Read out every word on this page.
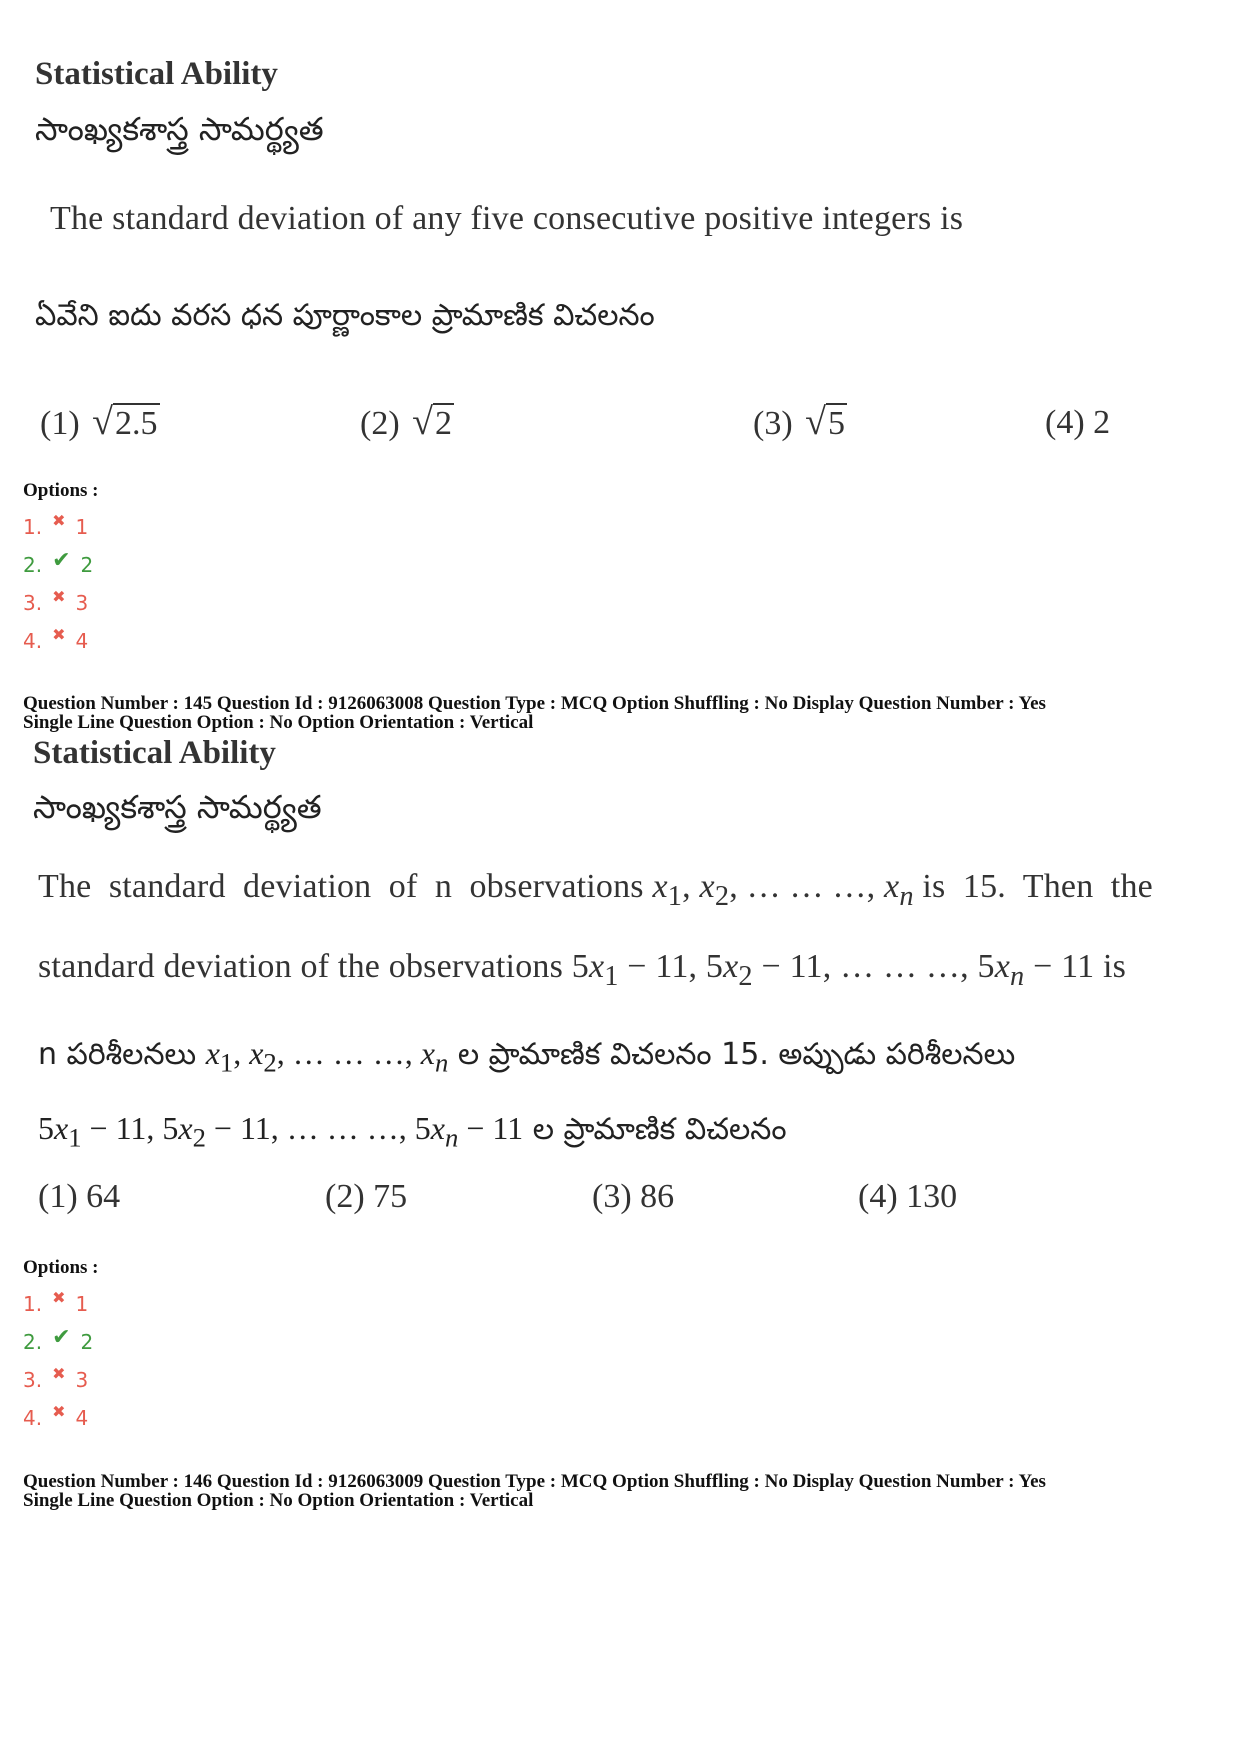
Statistical Ability
సాంఖ్యకశాస్త్ర సామర్థ్యత
The standard deviation of any five consecutive positive integers is
ఏవేని ఐదు వరస ధన పూర్ణాంకాల ప్రామాణిక విచలనం
(1) √2.5	(2) √2	(3) √5	(4) 2
Options :
1. ✖ 1
2. ✔ 2
3. ✖ 3
4. ✖ 4
Question Number : 145 Question Id : 9126063008 Question Type : MCQ Option Shuffling : No Display Question Number : Yes
Single Line Question Option : No Option Orientation : Vertical
Statistical Ability
సాంఖ్యకశాస్త్ర సామర్థ్యత
The  standard  deviation  of  n  observations $x_1$, $x_2$, … … …, $x_n$ is  15.  Then  the
standard deviation of the observations $5x_1 - 11$, $5x_2 - 11$, … … …, $5x_n - 11$ is
n పరిశీలనలు $x_1$, $x_2$, … … …, $x_n$ ల ప్రామాణిక విచలనం 15. అప్పుడు పరిశీలనలు
$5x_1 - 11$, $5x_2 - 11$, … … …, $5x_n - 11$ ల ప్రామాణిక విచలనం
(1) 64	(2) 75	(3) 86	(4) 130
Options :
1. ✖ 1
2. ✔ 2
3. ✖ 3
4. ✖ 4
Question Number : 146 Question Id : 9126063009 Question Type : MCQ Option Shuffling : No Display Question Number : Yes
Single Line Question Option : No Option Orientation : Vertical
